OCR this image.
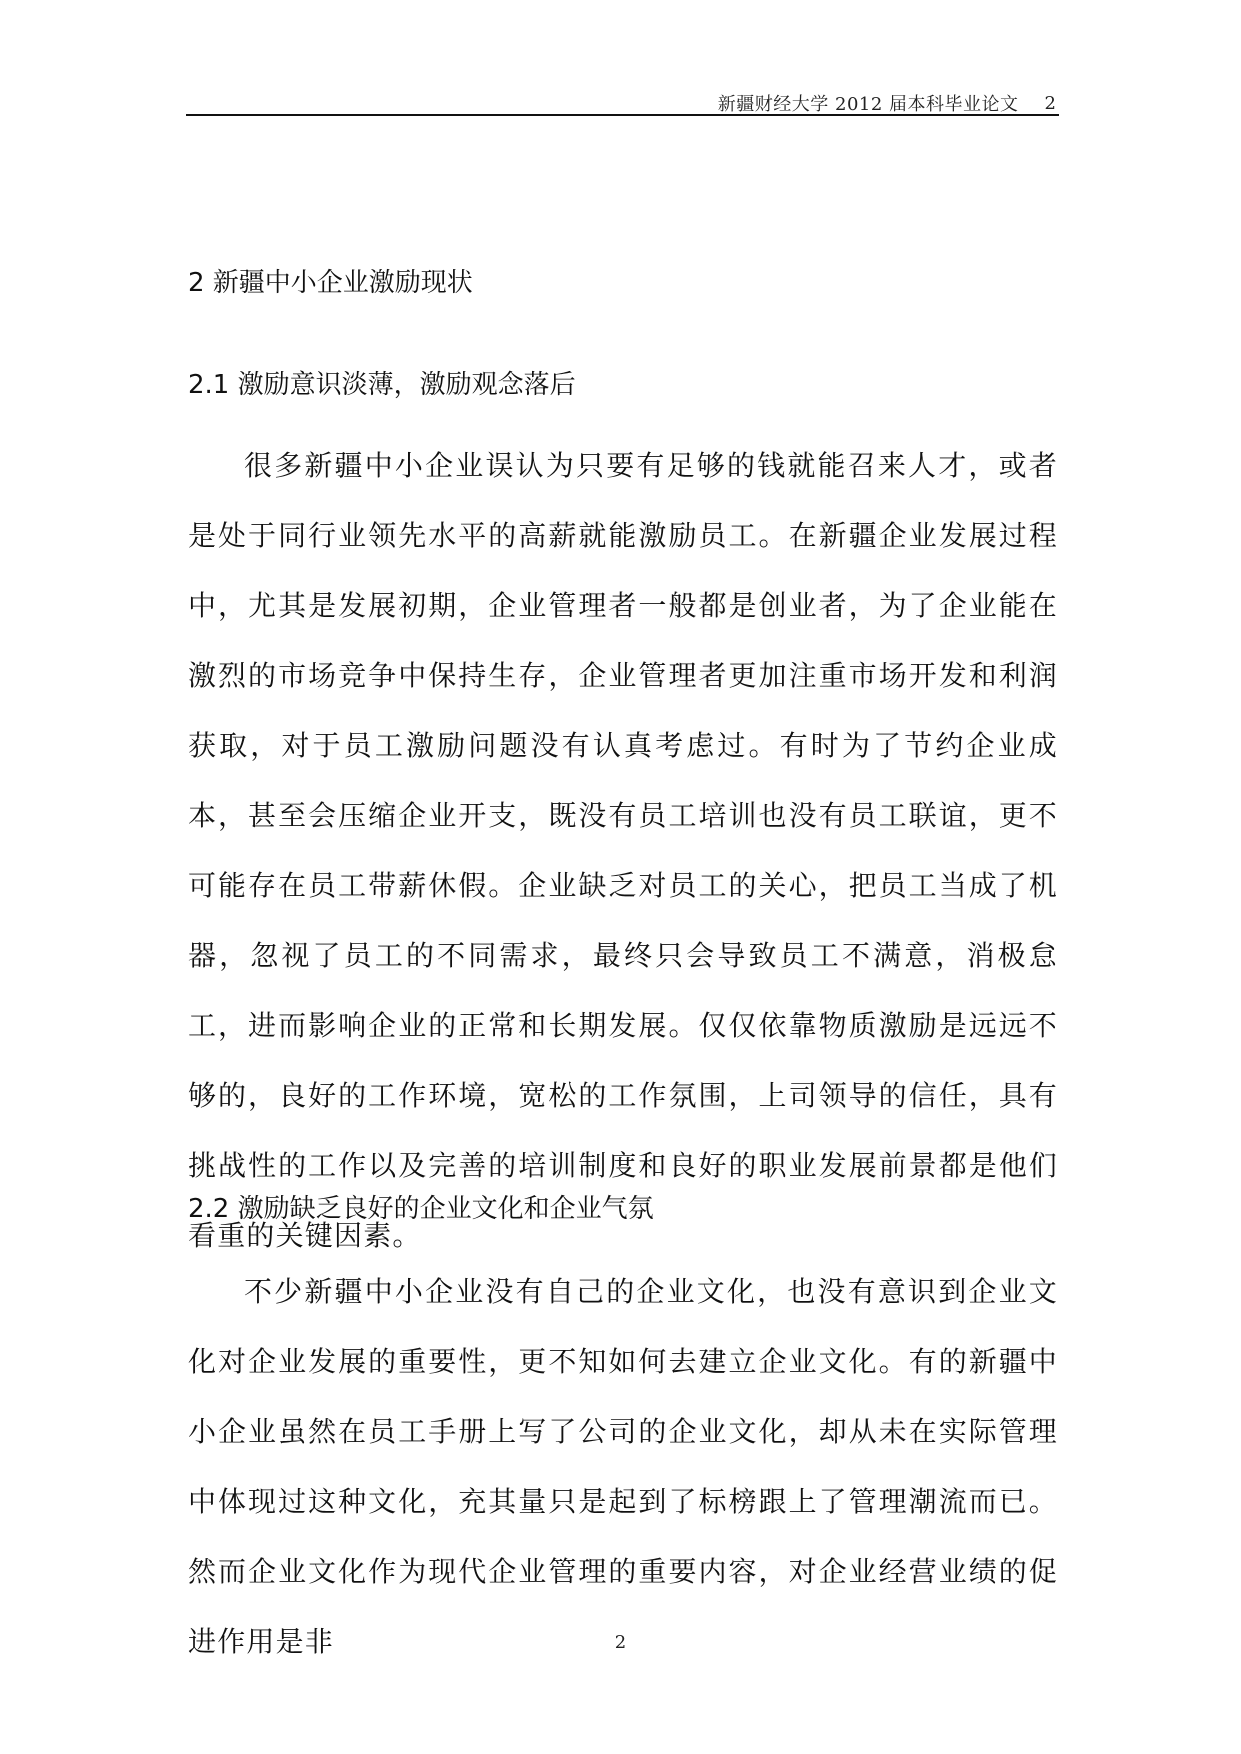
新疆财经大学 2012 届本科毕业论文 2
2 新疆中小企业激励现状
2.1 激励意识淡薄，激励观念落后

很多新疆中小企业误认为只要有足够的钱就能召来人才，或者是处于同行业领先水平的高薪就能激励员工。在新疆企业发展过程中，尤其是发展初期，企业管理者一般都是创业者，为了企业能在激烈的市场竞争中保持生存，企业管理者更加注重市场开发和利润获取，对于员工激励问题没有认真考虑过。有时为了节约企业成本，甚至会压缩企业开支，既没有员工培训也没有员工联谊，更不可能存在员工带薪休假。企业缺乏对员工的关心，把员工当成了机器，忽视了员工的不同需求，最终只会导致员工不满意，消极怠工，进而影响企业的正常和长期发展。仅仅依靠物质激励是远远不够的，良好的工作环境，宽松的工作氛围，上司领导的信任，具有挑战性的工作以及完善的培训制度和良好的职业发展前景都是他们看重的关键因素。

2.2 激励缺乏良好的企业文化和企业气氛

不少新疆中小企业没有自己的企业文化，也没有意识到企业文化对企业发展的重要性，更不知如何去建立企业文化。有的新疆中小企业虽然在员工手册上写了公司的企业文化，却从未在实际管理中体现过这种文化，充其量只是起到了标榜跟上了管理潮流而已。然而企业文化作为现代企业管理的重要内容，对企业经营业绩的促进作用是非	2
